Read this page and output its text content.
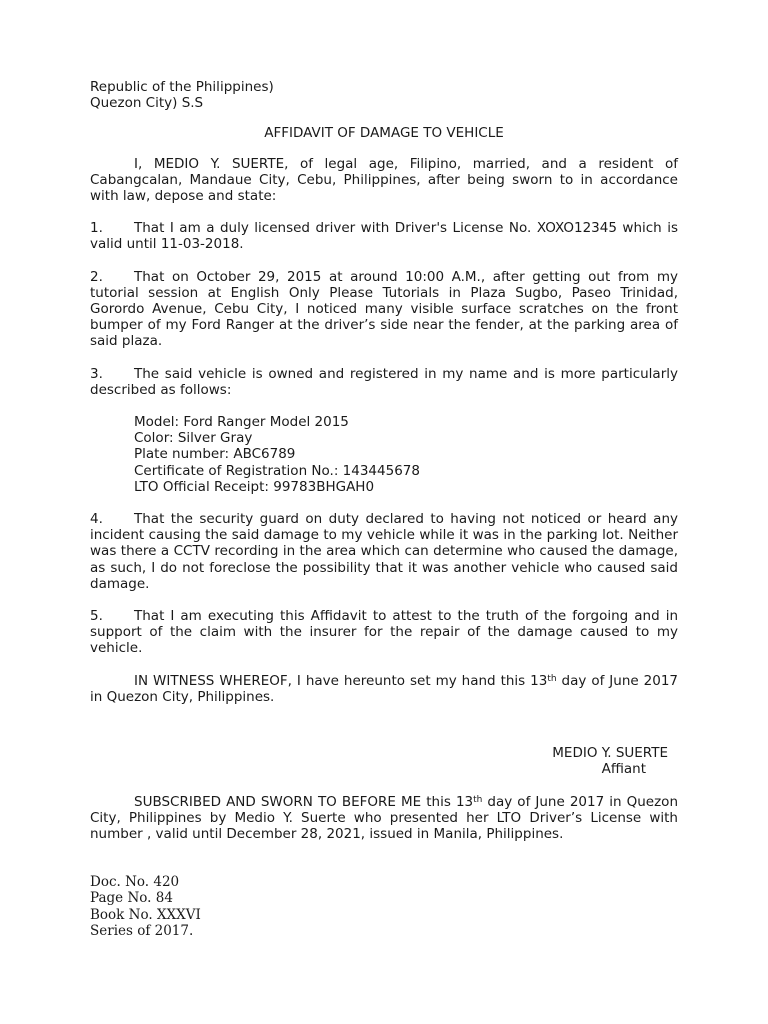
Republic of the Philippines)
Quezon City) S.S
AFFIDAVIT OF DAMAGE TO VEHICLE

I, MEDIO Y. SUERTE, of legal age, Filipino, married, and a resident of Cabangcalan, Mandaue City, Cebu, Philippines, after being sworn to in accordance with law, depose and state:

1. That I am a duly licensed driver with Driver's License No. XOXO12345 which is valid until 11-03-2018.

2. That on October 29, 2015 at around 10:00 A.M., after getting out from my tutorial session at English Only Please Tutorials in Plaza Sugbo, Paseo Trinidad, Gorordo Avenue, Cebu City, I noticed many visible surface scratches on the front bumper of my Ford Ranger at the driver’s side near the fender, at the parking area of said plaza.

3. The said vehicle is owned and registered in my name and is more particularly described as follows:

Model: Ford Ranger Model 2015
Color: Silver Gray
Plate number: ABC6789
Certificate of Registration No.: 143445678
LTO Official Receipt: 99783BHGAH0

4. That the security guard on duty declared to having not noticed or heard any incident causing the said damage to my vehicle while it was in the parking lot. Neither was there a CCTV recording in the area which can determine who caused the damage, as such, I do not foreclose the possibility that it was another vehicle who caused said damage.

5. That I am executing this Affidavit to attest to the truth of the forgoing and in support of the claim with the insurer for the repair of the damage caused to my vehicle.

IN WITNESS WHEREOF, I have hereunto set my hand this 13th day of June 2017 in Quezon City, Philippines.

MEDIO Y. SUERTE
Affiant

SUBSCRIBED AND SWORN TO BEFORE ME this 13th day of June 2017 in Quezon City, Philippines by Medio Y. Suerte who presented her LTO Driver’s License with number , valid until December 28, 2021, issued in Manila, Philippines.

Doc. No. 420
Page No. 84
Book No. XXXVI
Series of 2017.
